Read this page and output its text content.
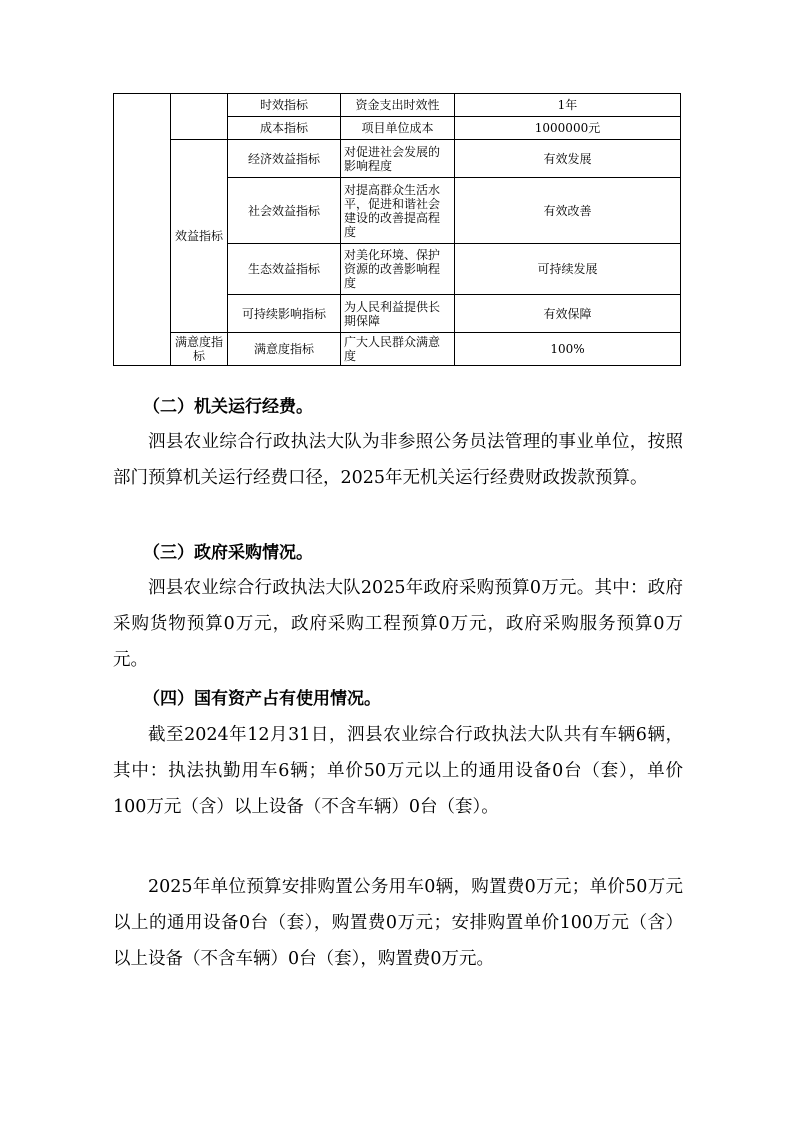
		时效指标	资金支出时效性	1年
		成本指标	项目单位成本	1000000元
	效益指标	经济效益指标	对促进社会发展的影响程度	有效发展
		社会效益指标	对提高群众生活水平，促进和谐社会建设的改善提高程度	有效改善
		生态效益指标	对美化环境、保护资源的改善影响程度	可持续发展
		可持续影响指标	为人民利益提供长期保障	有效保障
	满意度指标	满意度指标	广大人民群众满意度	100%
（二）机关运行经费。

泗县农业综合行政执法大队为非参照公务员法管理的事业单位，按照部门预算机关运行经费口径，2025年无机关运行经费财政拨款预算。

（三）政府采购情况。

泗县农业综合行政执法大队2025年政府采购预算0万元。其中：政府采购货物预算0万元，政府采购工程预算0万元，政府采购服务预算0万元。

（四）国有资产占有使用情况。

截至2024年12月31日，泗县农业综合行政执法大队共有车辆6辆，其中：执法执勤用车6辆；单价50万元以上的通用设备0台（套），单价100万元（含）以上设备（不含车辆）0台（套）。

2025年单位预算安排购置公务用车0辆，购置费0万元；单价50万元以上的通用设备0台（套），购置费0万元；安排购置单价100万元（含）以上设备（不含车辆）0台（套），购置费0万元。
